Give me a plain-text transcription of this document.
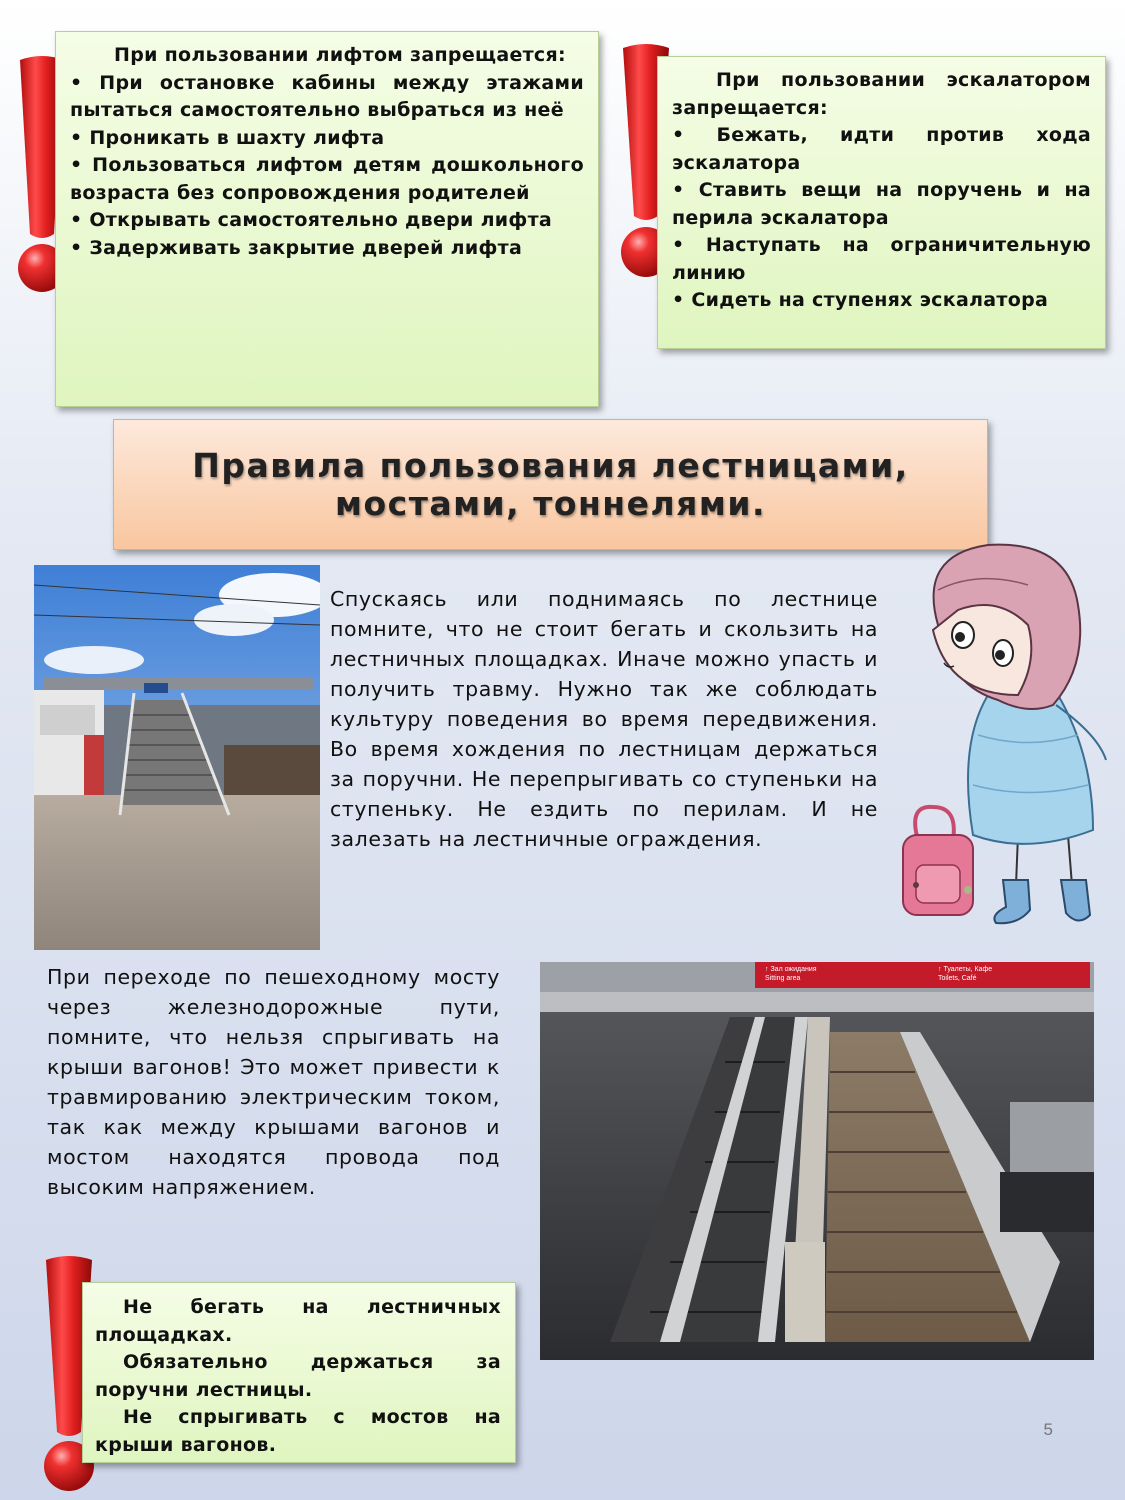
При пользовании лифтом запрещается:

• При остановке кабины между этажами пытаться самостоятельно выбраться из неё

• Проникать в шахту лифта

• Пользоваться лифтом детям дошкольного возраста без сопровождения родителей

• Открывать самостоятельно двери лифта

• Задерживать закрытие дверей лифта

При пользовании эскалатором запрещается:

• Бежать, идти против хода эскалатора

• Ставить вещи на поручень и на перила эскалатора

• Наступать на ограничительную линию

• Сидеть на ступенях эскалатора

Правила пользования лестницами,
мостами, тоннелями.

Спускаясь или поднимаясь по лестнице помните, что не стоит бегать и скользить на лестничных площадках. Иначе можно упасть и получить травму. Нужно так же соблюдать культуру поведения во время передвижения. Во время хождения по лестницам держаться за поручни. Не перепрыгивать со ступеньки на ступеньку. Не ездить по перилам. И не залезать на лестничные ограждения.

При переходе по пешеходному мосту через железнодорожные пути, помните, что нельзя спрыгивать на крыши вагонов! Это может привести к травмированию электрическим током, так как между крышами вагонов и мостом находятся провода под высоким напряжением.

↑ Зал ожидания
Sitting area
↑ Туалеты, Кафе
Toilets, Café

Не бегать на лестничных площадках.

Обязательно держаться за поручни лестницы.

Не спрыгивать с мостов на крыши вагонов.

5
